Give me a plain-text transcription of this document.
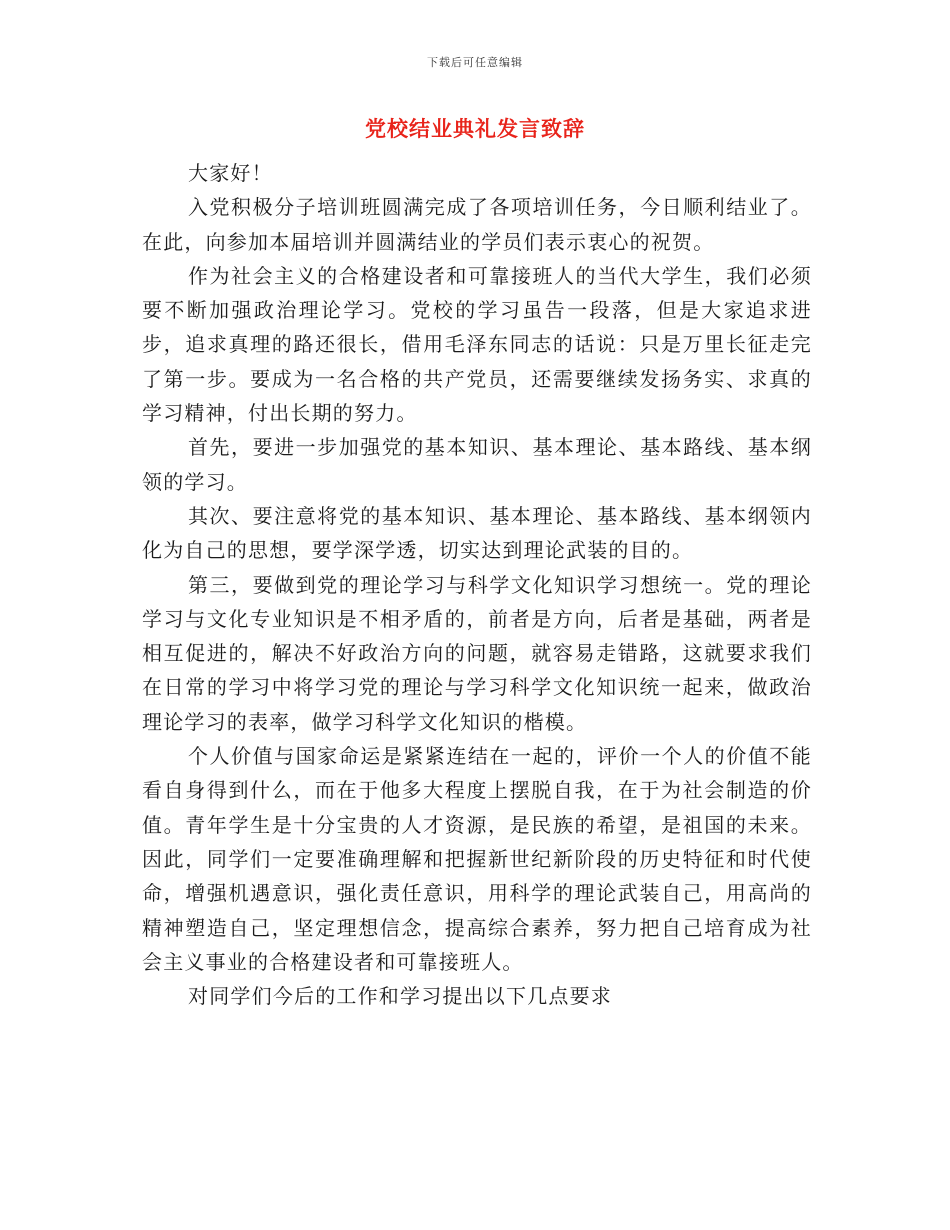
下载后可任意编辑
党校结业典礼发言致辞

大家好！

入党积极分子培训班圆满完成了各项培训任务，今日顺利结业了。在此，向参加本届培训并圆满结业的学员们表示衷心的祝贺。

作为社会主义的合格建设者和可靠接班人的当代大学生，我们必须要不断加强政治理论学习。党校的学习虽告一段落，但是大家追求进步，追求真理的路还很长，借用毛泽东同志的话说：只是万里长征走完了第一步。要成为一名合格的共产党员，还需要继续发扬务实、求真的学习精神，付出长期的努力。

首先，要进一步加强党的基本知识、基本理论、基本路线、基本纲领的学习。

其次、要注意将党的基本知识、基本理论、基本路线、基本纲领内化为自己的思想，要学深学透，切实达到理论武装的目的。

第三，要做到党的理论学习与科学文化知识学习想统一。党的理论学习与文化专业知识是不相矛盾的，前者是方向，后者是基础，两者是相互促进的，解决不好政治方向的问题，就容易走错路，这就要求我们在日常的学习中将学习党的理论与学习科学文化知识统一起来，做政治理论学习的表率，做学习科学文化知识的楷模。

个人价值与国家命运是紧紧连结在一起的，评价一个人的价值不能看自身得到什么，而在于他多大程度上摆脱自我，在于为社会制造的价值。青年学生是十分宝贵的人才资源，是民族的希望，是祖国的未来。因此，同学们一定要准确理解和把握新世纪新阶段的历史特征和时代使命，增强机遇意识，强化责任意识，用科学的理论武装自己，用高尚的精神塑造自己，坚定理想信念，提高综合素养，努力把自己培育成为社会主义事业的合格建设者和可靠接班人。

对同学们今后的工作和学习提出以下几点要求
